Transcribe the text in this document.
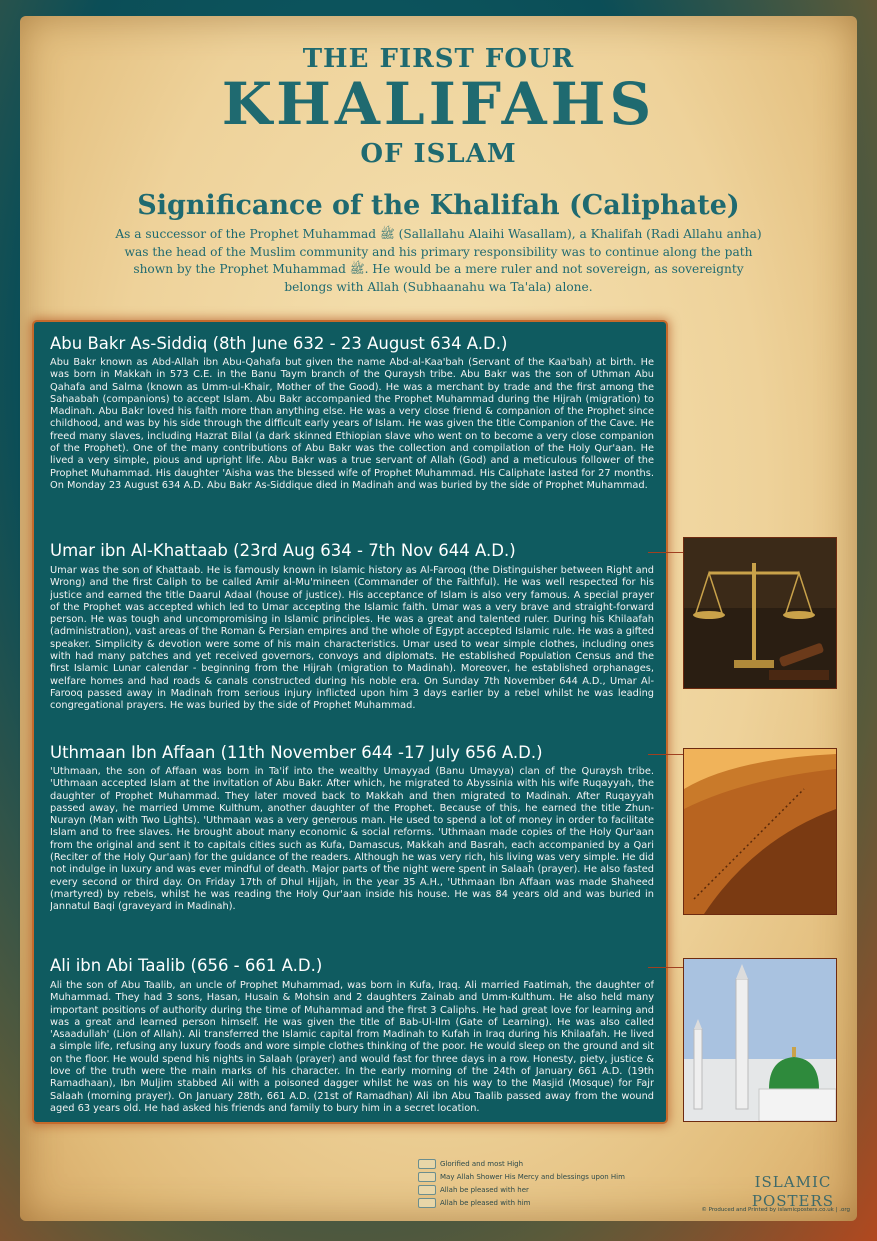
THE FIRST FOUR
KHALIFAHS
OF ISLAM
Significance of the Khalifah (Caliphate)

As a successor of the Prophet Muhammad ﷺ (Sallallahu Alaihi Wasallam), a Khalifah (Radi Allahu anha) was the head of the Muslim community and his primary responsibility was to continue along the path shown by the Prophet Muhammad ﷺ. He would be a mere ruler and not sovereign, as sovereignty belongs with Allah (Subhaanahu wa Ta'ala) alone.

Abu Bakr As-Siddiq (8th June 632 - 23 August 634 A.D.)

Abu Bakr known as Abd-Allah ibn Abu-Qahafa but given the name Abd-al-Kaa'bah (Servant of the Kaa'bah) at birth. He was born in Makkah in 573 C.E. in the Banu Taym branch of the Quraysh tribe. Abu Bakr was the son of Uthman Abu Qahafa and Salma (known as Umm-ul-Khair, Mother of the Good). He was a merchant by trade and the first among the Sahaabah (companions) to accept Islam. Abu Bakr accompanied the Prophet Muhammad during the Hijrah (migration) to Madinah. Abu Bakr loved his faith more than anything else. He was a very close friend & companion of the Prophet since childhood, and was by his side through the difficult early years of Islam. He was given the title Companion of the Cave. He freed many slaves, including Hazrat Bilal (a dark skinned Ethiopian slave who went on to become a very close companion of the Prophet). One of the many contributions of Abu Bakr was the collection and compilation of the Holy Qur'aan. He lived a very simple, pious and upright life. Abu Bakr was a true servant of Allah (God) and a meticulous follower of the Prophet Muhammad. His daughter 'Aisha was the blessed wife of Prophet Muhammad. His Caliphate lasted for 27 months. On Monday 23 August 634 A.D. Abu Bakr As-Siddique died in Madinah and was buried by the side of Prophet Muhammad.

Umar ibn Al-Khattaab (23rd Aug 634 - 7th Nov 644 A.D.)

Umar was the son of Khattaab. He is famously known in Islamic history as Al-Farooq (the Distinguisher between Right and Wrong) and the first Caliph to be called Amir al-Mu'mineen (Commander of the Faithful). He was well respected for his justice and earned the title Daarul Adaal (house of justice). His acceptance of Islam is also very famous. A special prayer of the Prophet was accepted which led to Umar accepting the Islamic faith. Umar was a very brave and straight-forward person. He was tough and uncompromising in Islamic principles. He was a great and talented ruler. During his Khilaafah (administration), vast areas of the Roman & Persian empires and the whole of Egypt accepted Islamic rule. He was a gifted speaker. Simplicity & devotion were some of his main characteristics. Umar used to wear simple clothes, including ones with had many patches and yet received governors, convoys and diplomats. He established Population Census and the first Islamic Lunar calendar - beginning from the Hijrah (migration to Madinah). Moreover, he established orphanages, welfare homes and had roads & canals constructed during his noble era. On Sunday 7th November 644 A.D., Umar Al-Farooq passed away in Madinah from serious injury inflicted upon him 3 days earlier by a rebel whilst he was leading congregational prayers. He was buried by the side of Prophet Muhammad.

Uthmaan Ibn Affaan (11th November 644 -17 July 656 A.D.)

'Uthmaan, the son of Affaan was born in Ta'if into the wealthy Umayyad (Banu Umayya) clan of the Quraysh tribe. 'Uthmaan accepted Islam at the invitation of Abu Bakr. After which, he migrated to Abyssinia with his wife Ruqayyah, the daughter of Prophet Muhammad. They later moved back to Makkah and then migrated to Madinah. After Ruqayyah passed away, he married Umme Kulthum, another daughter of the Prophet. Because of this, he earned the title Zhun-Nurayn (Man with Two Lights). 'Uthmaan was a very generous man. He used to spend a lot of money in order to facilitate Islam and to free slaves. He brought about many economic & social reforms. 'Uthmaan made copies of the Holy Qur'aan from the original and sent it to capitals cities such as Kufa, Damascus, Makkah and Basrah, each accompanied by a Qari (Reciter of the Holy Qur'aan) for the guidance of the readers. Although he was very rich, his living was very simple. He did not indulge in luxury and was ever mindful of death. Major parts of the night were spent in Salaah (prayer). He also fasted every second or third day. On Friday 17th of Dhul Hijjah, in the year 35 A.H., 'Uthmaan Ibn Affaan was made Shaheed (martyred) by rebels, whilst he was reading the Holy Qur'aan inside his house. He was 84 years old and was buried in Jannatul Baqi (graveyard in Madinah).

Ali ibn Abi Taalib (656 - 661 A.D.)

Ali the son of Abu Taalib, an uncle of Prophet Muhammad, was born in Kufa, Iraq. Ali married Faatimah, the daughter of Muhammad. They had 3 sons, Hasan, Husain & Mohsin and 2 daughters Zainab and Umm-Kulthum. He also held many important positions of authority during the time of Muhammad and the first 3 Caliphs. He had great love for learning and was a great and learned person himself. He was given the title of Bab-Ul-Ilm (Gate of Learning). He was also called 'Asaadullah' (Lion of Allah). Ali transferred the Islamic capital from Madinah to Kufah in Iraq during his Khilaafah. He lived a simple life, refusing any luxury foods and wore simple clothes thinking of the poor. He would sleep on the ground and sit on the floor. He would spend his nights in Salaah (prayer) and would fast for three days in a row. Honesty, piety, justice & love of the truth were the main marks of his character. In the early morning of the 24th of January 661 A.D. (19th Ramadhaan), Ibn Muljim stabbed Ali with a poisoned dagger whilst he was on his way to the Masjid (Mosque) for Fajr Salaah (morning prayer). On January 28th, 661 A.D. (21st of Ramadhan) Ali ibn Abu Taalib passed away from the wound aged 63 years old. He had asked his friends and family to bury him in a secret location.

Glorified and most High
May Allah Shower His Mercy and blessings upon Him
Allah be pleased with her
Allah be pleased with him
ISLAMIC POSTERS
© Produced and Printed by islamicposters.co.uk | .org
